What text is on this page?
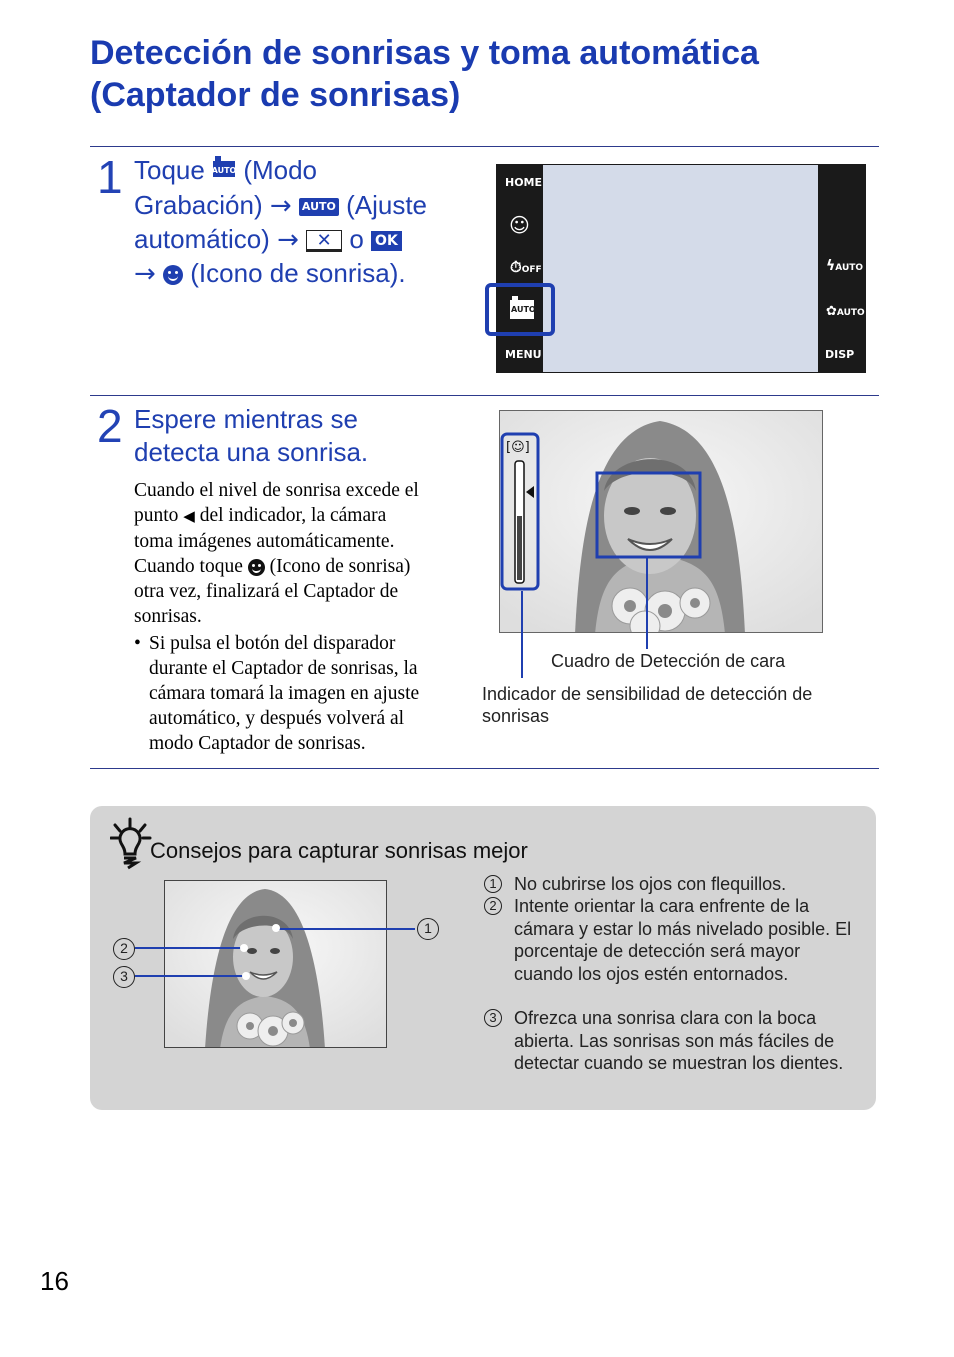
Detección de sonrisas y toma automática
(Captador de sonrisas)
1 Toque AUTO (Modo
Grabación) → AUTO (Ajuste
automático) → ✕ o OK
→ (Icono de sonrisa).
HOME
☺
⏱OFF
AUTO
MENU
ϟAUTO
✿AUTO
DISP
2 Espere mientras se
detecta una sonrisa.
Cuando el nivel de sonrisa excede el
punto ◀ del indicador, la cámara
toma imágenes automáticamente.
Cuando toque (Icono de sonrisa)
otra vez, finalizará el Captador de
sonrisas.
• Si pulsa el botón del disparador
durante el Captador de sonrisas, la
cámara tomará la imagen en ajuste
automático, y después volverá al
modo Captador de sonrisas.
[☺]
Cuadro de Detección de cara
Indicador de sensibilidad de detección de
sonrisas
Consejos para capturar sonrisas mejor
1
2
3
1 No cubrirse los ojos con flequillos.
2 Intente orientar la cara enfrente de la cámara y estar lo más nivelado posible. El porcentaje de detección será mayor cuando los ojos estén entornados.
3 Ofrezca una sonrisa clara con la boca abierta. Las sonrisas son más fáciles de detectar cuando se muestran los dientes.
16
